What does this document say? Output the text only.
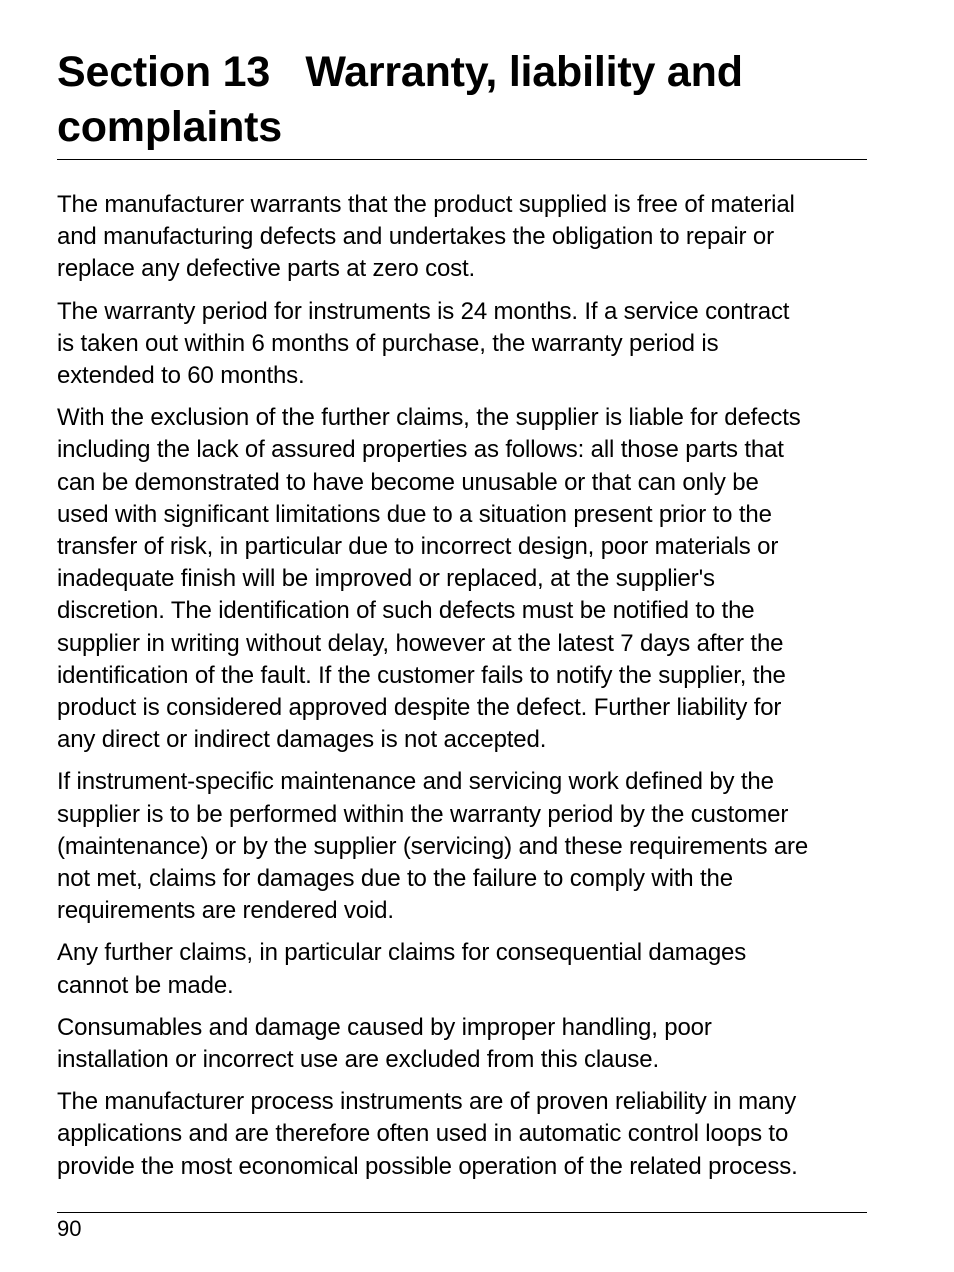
Section 13   Warranty, liability and
complaints

The manufacturer warrants that the product supplied is free of material
and manufacturing defects and undertakes the obligation to repair or
replace any defective parts at zero cost.

The warranty period for instruments is 24 months. If a service contract
is taken out within 6 months of purchase, the warranty period is
extended to 60 months.

With the exclusion of the further claims, the supplier is liable for defects
including the lack of assured properties as follows: all those parts that
can be demonstrated to have become unusable or that can only be
used with significant limitations due to a situation present prior to the
transfer of risk, in particular due to incorrect design, poor materials or
inadequate finish will be improved or replaced, at the supplier's
discretion. The identification of such defects must be notified to the
supplier in writing without delay, however at the latest 7 days after the
identification of the fault. If the customer fails to notify the supplier, the
product is considered approved despite the defect. Further liability for
any direct or indirect damages is not accepted.

If instrument-specific maintenance and servicing work defined by the
supplier is to be performed within the warranty period by the customer
(maintenance) or by the supplier (servicing) and these requirements are
not met, claims for damages due to the failure to comply with the
requirements are rendered void.

Any further claims, in particular claims for consequential damages
cannot be made.

Consumables and damage caused by improper handling, poor
installation or incorrect use are excluded from this clause.

The manufacturer process instruments are of proven reliability in many
applications and are therefore often used in automatic control loops to
provide the most economical possible operation of the related process.

90
